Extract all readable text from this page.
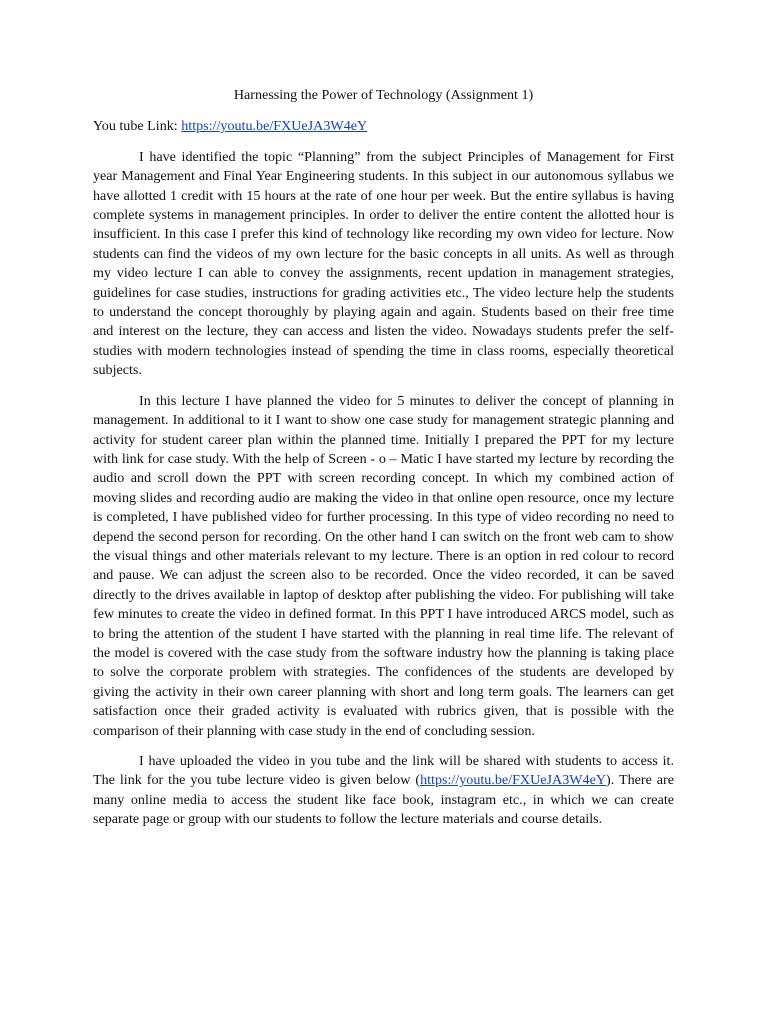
Harnessing the Power of Technology (Assignment 1)
You tube Link: https://youtu.be/FXUeJA3W4eY

I have identified the topic “Planning” from the subject Principles of Management for First year Management and Final Year Engineering students. In this subject in our autonomous syllabus we have allotted 1 credit with 15 hours at the rate of one hour per week. But the entire syllabus is having complete systems in management principles. In order to deliver the entire content the allotted hour is insufficient. In this case I prefer this kind of technology like recording my own video for lecture. Now students can find the videos of my own lecture for the basic concepts in all units. As well as through my video lecture I can able to convey the assignments, recent updation in management strategies, guidelines for case studies, instructions for grading activities etc., The video lecture help the students to understand the concept thoroughly by playing again and again. Students based on their free time and interest on the lecture, they can access and listen the video. Nowadays students prefer the self-studies with modern technologies instead of spending the time in class rooms, especially theoretical subjects.

In this lecture I have planned the video for 5 minutes to deliver the concept of planning in management. In additional to it I want to show one case study for management strategic planning and activity for student career plan within the planned time. Initially I prepared the PPT for my lecture with link for case study. With the help of Screen - o – Matic I have started my lecture by recording the audio and scroll down the PPT with screen recording concept. In which my combined action of moving slides and recording audio are making the video in that online open resource, once my lecture is completed, I have published video for further processing. In this type of video recording no need to depend the second person for recording. On the other hand I can switch on the front web cam to show the visual things and other materials relevant to my lecture. There is an option in red colour to record and pause. We can adjust the screen also to be recorded. Once the video recorded, it can be saved directly to the drives available in laptop of desktop after publishing the video. For publishing will take few minutes to create the video in defined format. In this PPT I have introduced ARCS model, such as to bring the attention of the student I have started with the planning in real time life. The relevant of the model is covered with the case study from the software industry how the planning is taking place to solve the corporate problem with strategies. The confidences of the students are developed by giving the activity in their own career planning with short and long term goals. The learners can get satisfaction once their graded activity is evaluated with rubrics given, that is possible with the comparison of their planning with case study in the end of concluding session.

I have uploaded the video in you tube and the link will be shared with students to access it. The link for the you tube lecture video is given below (https://youtu.be/FXUeJA3W4eY). There are many online media to access the student like face book, instagram etc., in which we can create separate page or group with our students to follow the lecture materials and course details.
